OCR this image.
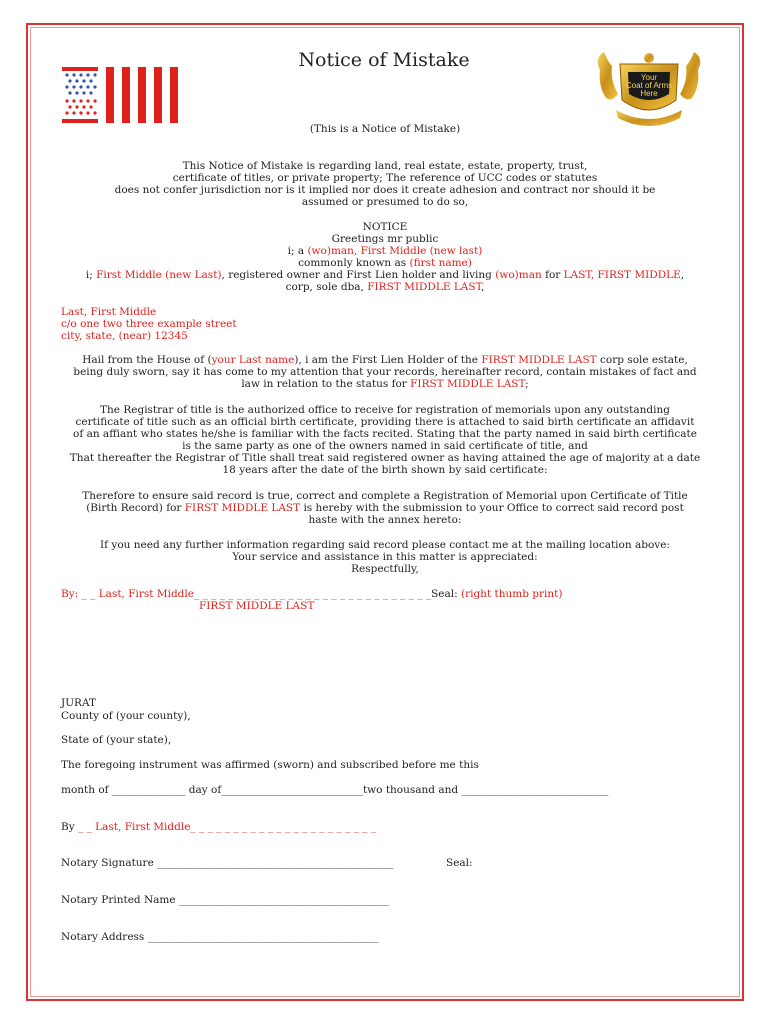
Notice of Mistake
Your
Coat of Arms
Here
(This is a Notice of Mistake)
This Notice of Mistake is regarding land, real estate, estate, property, trust,
certificate of titles, or private property; The reference of UCC codes or statutes
does not confer jurisdiction nor is it implied nor does it create adhesion and contract nor should it be
assumed or presumed to do so,
NOTICE
Greetings mr public
i; a (wo)man, First Middle (new last)
commonly known as (first name)
i; First Middle (new Last), registered owner and First Lien holder and living (wo)man for LAST, FIRST MIDDLE,
corp, sole dba, FIRST MIDDLE LAST,
Last, First Middle
c/o one two three example street
city, state, (near) 12345
Hail from the House of (your Last name), i am the First Lien Holder of the FIRST MIDDLE LAST corp sole estate,
being duly sworn, say it has come to my attention that your records, hereinafter record, contain mistakes of fact and
law in relation to the status for FIRST MIDDLE LAST;
The Registrar of title is the authorized office to receive for registration of memorials upon any outstanding
certificate of title such as an official birth certificate, providing there is attached to said birth certificate an affidavit
of an affiant who states he/she is familiar with the facts recited. Stating that the party named in said birth certificate
is the same party as one of the owners named in said certificate of title, and
That thereafter the Registrar of Title shall treat said registered owner as having attained the age of majority at a date
18 years after the date of the birth shown by said certificate:
Therefore to ensure said record is true, correct and complete a Registration of Memorial upon Certificate of Title
(Birth Record) for FIRST MIDDLE LAST is hereby with the submission to your Office to correct said record post
haste with the annex hereto:
If you need any further information regarding said record please contact me at the mailing location above:
Your service and assistance in this matter is appreciated:
Respectfully,
By: _ _ Last, First Middle_ _ _ _ _ _ _ _ _ _ _ _ _ _ _ _ _ _ _ _ _ _ _ _ _ _ _ _Seal: (right thumb print)
FIRST MIDDLE LAST
JURAT
County of (your county),
State of (your state),
The foregoing instrument was affirmed (sworn) and subscribed before me this
month of ______________ day of___________________________two thousand and ____________________________
By _ _ Last, First Middle_ _ _ _ _ _ _ _ _ _ _ _ _ _ _ _ _ _ _ _ _ _
Notary Signature _____________________________________________	Seal:
Notary Printed Name ________________________________________
Notary Address ____________________________________________
